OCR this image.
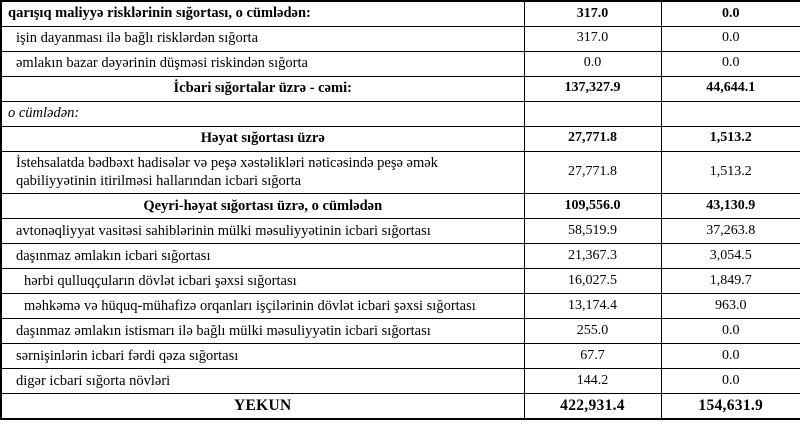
qarışıq maliyyə risklərinin sığortası, o cümlədən:	317.0	0.0
işin dayanması ilə bağlı risklərdən sığorta	317.0	0.0
əmlakın bazar dəyərinin düşməsi riskindən sığorta	0.0	0.0
İcbari sığortalar üzrə - cəmi:	137,327.9	44,644.1
o cümlədən:		
Həyat sığortası üzrə	27,771.8	1,513.2
İstehsalatda bədbəxt hadisələr və peşə xəstəlikləri nəticəsində peşə əmək qabiliyyətinin itirilməsi hallarından icbari sığorta	27,771.8	1,513.2
Qeyri-həyat sığortası üzrə, o cümlədən	109,556.0	43,130.9
avtonəqliyyat vasitəsi sahiblərinin mülki məsuliyyətinin icbari sığortası	58,519.9	37,263.8
daşınmaz əmlakın icbari sığortası	21,367.3	3,054.5
hərbi qulluqçuların dövlət icbari şəxsi sığortası	16,027.5	1,849.7
məhkəmə və hüquq-mühafizə orqanları işçilərinin dövlət icbari şəxsi sığortası	13,174.4	963.0
daşınmaz əmlakın istismarı ilə bağlı mülki məsuliyyətin icbari sığortası	255.0	0.0
sərnişinlərin icbari fərdi qəza sığortası	67.7	0.0
digər icbari sığorta növləri	144.2	0.0
YEKUN	422,931.4	154,631.9
